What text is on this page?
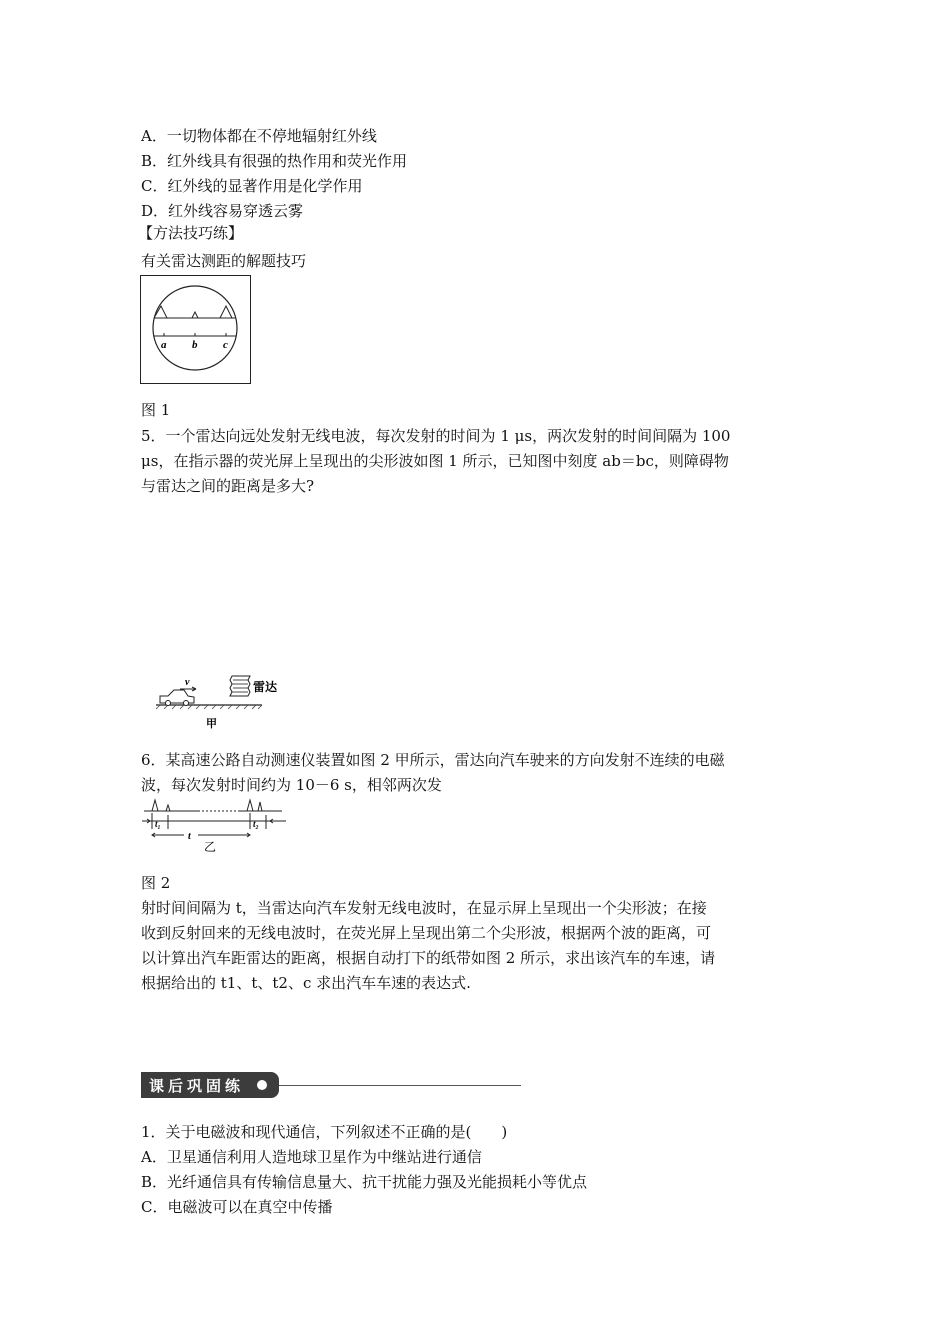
A．一切物体都在不停地辐射红外线
B．红外线具有很强的热作用和荧光作用
C．红外线的显著作用是化学作用
D．红外线容易穿透云雾
【方法技巧练】
有关雷达测距的解题技巧
a b c
图 1
5．一个雷达向远处发射无线电波，每次发射的时间为 1 μs，两次发射的时间间隔为 100
μs，在指示器的荧光屏上呈现出的尖形波如图 1 所示，已知图中刻度 ab＝bc，则障碍物
与雷达之间的距离是多大?
v	雷达
甲
6．某高速公路自动测速仪装置如图 2 甲所示，雷达向汽车驶来的方向发射不连续的电磁
波，每次发射时间约为 10－6 s，相邻两次发
t₁	t₂
t
乙
图 2
射时间间隔为 t，当雷达向汽车发射无线电波时，在显示屏上呈现出一个尖形波；在接
收到反射回来的无线电波时，在荧光屏上呈现出第二个尖形波，根据两个波的距离，可
以计算出汽车距雷达的距离，根据自动打下的纸带如图 2 所示，求出该汽车的车速，请
根据给出的 t1、t、t2、c 求出汽车车速的表达式.
课后巩固练
1．关于电磁波和现代通信，下列叙述不正确的是(　　)
A．卫星通信利用人造地球卫星作为中继站进行通信
B．光纤通信具有传输信息量大、抗干扰能力强及光能损耗小等优点
C．电磁波可以在真空中传播
